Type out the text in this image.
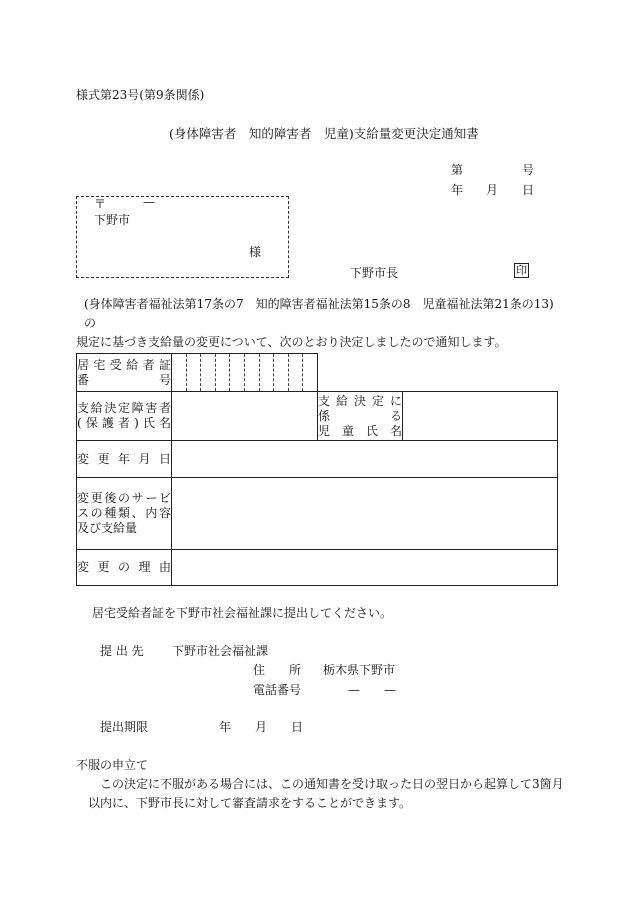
様式第23号(第9条関係)
(身体障害者　知的障害者　児童)支給量変更決定通知書
第	号
年 月 日
〒	—
下野市
様
下野市長	印
(身体障害者福祉法第17条の7　知的障害者福祉法第15条の8　児童福祉法第21条の13)の
規定に基づき支給量の変更について、次のとおり決定しましたので通知します。
居宅受給者証
番 号			

支給決定障害者
(保護者)氏名		支給決定に
係 る
児童氏名	

変更年月日			

変更後のサービ
スの種類、内容
及び支給量			

変更の理由			

居宅受給者証を下野市社会福祉課に提出してください。
提 出 先 下野市社会福祉課
住　　所 栃木県下野市
電話番号	—　　—
提出期限	年 月 日
不服の申立て
この決定に不服がある場合には、この通知書を受け取った日の翌日から起算して3箇月
以内に、下野市長に対して審査請求をすることができます。
